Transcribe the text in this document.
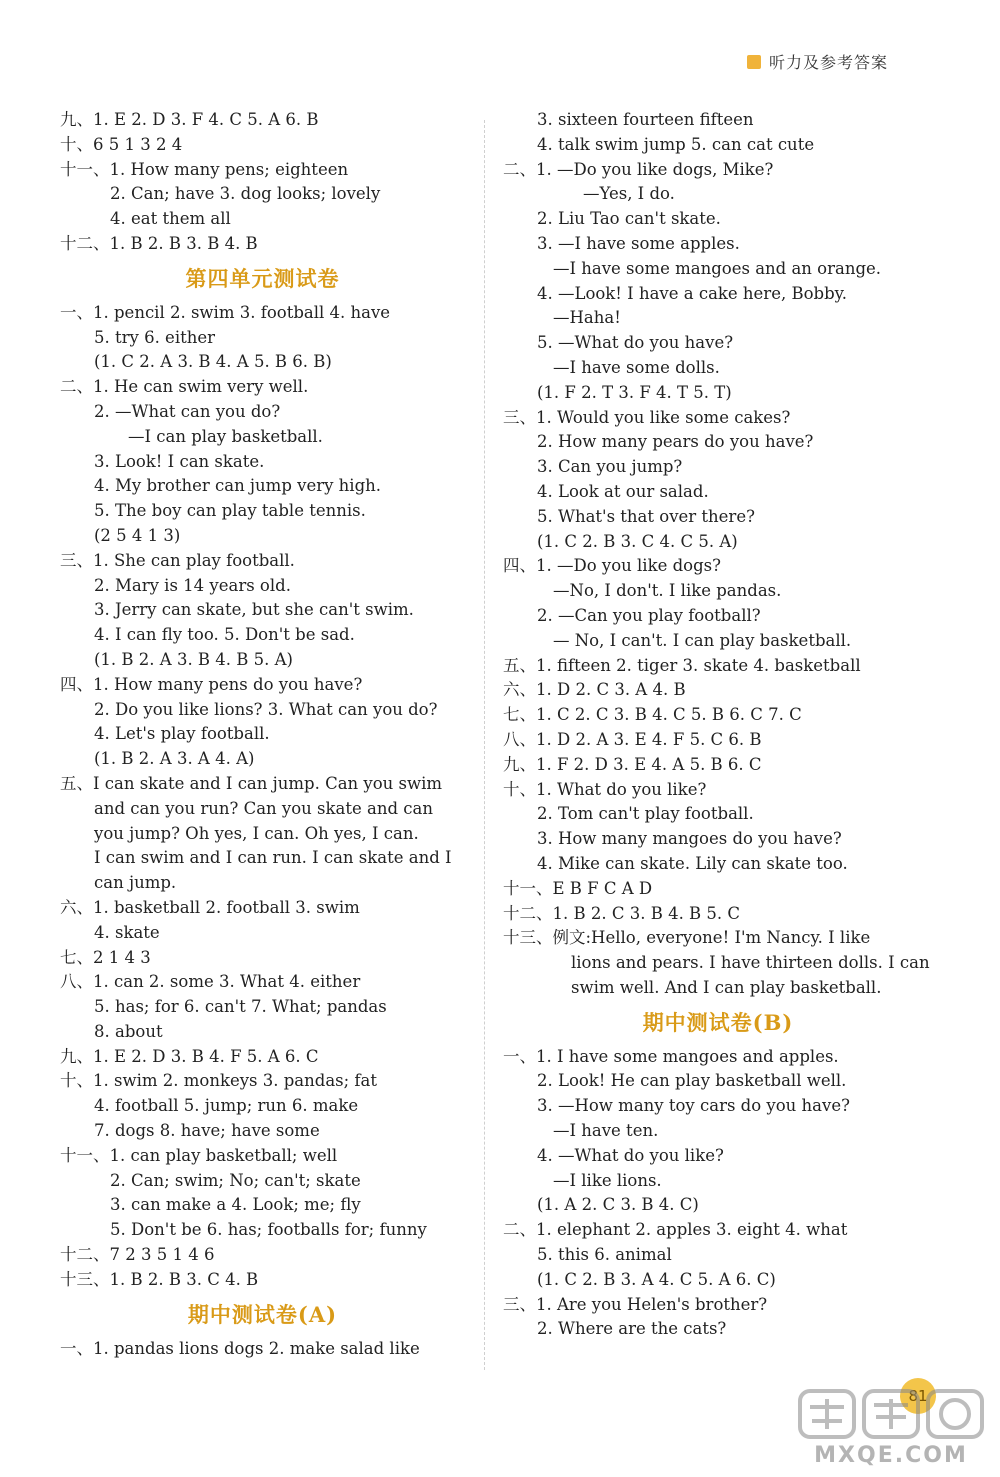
听力及参考答案
九、1. E 2. D 3. F 4. C 5. A 6. B
十、6 5 1 3 2 4
十一、1. How many pens; eighteen
2. Can; have 3. dog looks; lovely
4. eat them all
十二、1. B 2. B 3. B 4. B
第四单元测试卷
一、1. pencil 2. swim 3. football 4. have
5. try 6. either
(1. C 2. A 3. B 4. A 5. B 6. B)
二、1. He can swim very well.
2. —What can you do?
—I can play basketball.
3. Look! I can skate.
4. My brother can jump very high.
5. The boy can play table tennis.
(2 5 4 1 3)
三、1. She can play football.
2. Mary is 14 years old.
3. Jerry can skate, but she can't swim.
4. I can fly too. 5. Don't be sad.
(1. B 2. A 3. B 4. B 5. A)
四、1. How many pens do you have?
2. Do you like lions? 3. What can you do?
4. Let's play football.
(1. B 2. A 3. A 4. A)
五、I can skate and I can jump. Can you swim
and can you run? Can you skate and can
you jump? Oh yes, I can. Oh yes, I can.
I can swim and I can run. I can skate and I
can jump.
六、1. basketball 2. football 3. swim
4. skate
七、2 1 4 3
八、1. can 2. some 3. What 4. either
5. has; for 6. can't 7. What; pandas
8. about
九、1. E 2. D 3. B 4. F 5. A 6. C
十、1. swim 2. monkeys 3. pandas; fat
4. football 5. jump; run 6. make
7. dogs 8. have; have some
十一、1. can play basketball; well
2. Can; swim; No; can't; skate
3. can make a 4. Look; me; fly
5. Don't be 6. has; footballs for; funny
十二、7 2 3 5 1 4 6
十三、1. B 2. B 3. C 4. B
期中测试卷(A)
一、1. pandas lions dogs 2. make salad like
3. sixteen fourteen fifteen
4. talk swim jump 5. can cat cute
二、1. —Do you like dogs, Mike?
—Yes, I do.
2. Liu Tao can't skate.
3. —I have some apples.
—I have some mangoes and an orange.
4. —Look! I have a cake here, Bobby.
—Haha!
5. —What do you have?
—I have some dolls.
(1. F 2. T 3. F 4. T 5. T)
三、1. Would you like some cakes?
2. How many pears do you have?
3. Can you jump?
4. Look at our salad.
5. What's that over there?
(1. C 2. B 3. C 4. C 5. A)
四、1. —Do you like dogs?
—No, I don't. I like pandas.
2. —Can you play football?
— No, I can't. I can play basketball.
五、1. fifteen 2. tiger 3. skate 4. basketball
六、1. D 2. C 3. A 4. B
七、1. C 2. C 3. B 4. C 5. B 6. C 7. C
八、1. D 2. A 3. E 4. F 5. C 6. B
九、1. F 2. D 3. E 4. A 5. B 6. C
十、1. What do you like?
2. Tom can't play football.
3. How many mangoes do you have?
4. Mike can skate. Lily can skate too.
十一、E B F C A D
十二、1. B 2. C 3. B 4. B 5. C
十三、例文:Hello, everyone! I'm Nancy. I like
lions and pears. I have thirteen dolls. I can
swim well. And I can play basketball.
期中测试卷(B)
一、1. I have some mangoes and apples.
2. Look! He can play basketball well.
3. —How many toy cars do you have?
—I have ten.
4. —What do you like?
—I like lions.
(1. A 2. C 3. B 4. C)
二、1. elephant 2. apples 3. eight 4. what
5. this 6. animal
(1. C 2. B 3. A 4. C 5. A 6. C)
三、1. Are you Helen's brother?
2. Where are the cats?
81
MXQE.COM
